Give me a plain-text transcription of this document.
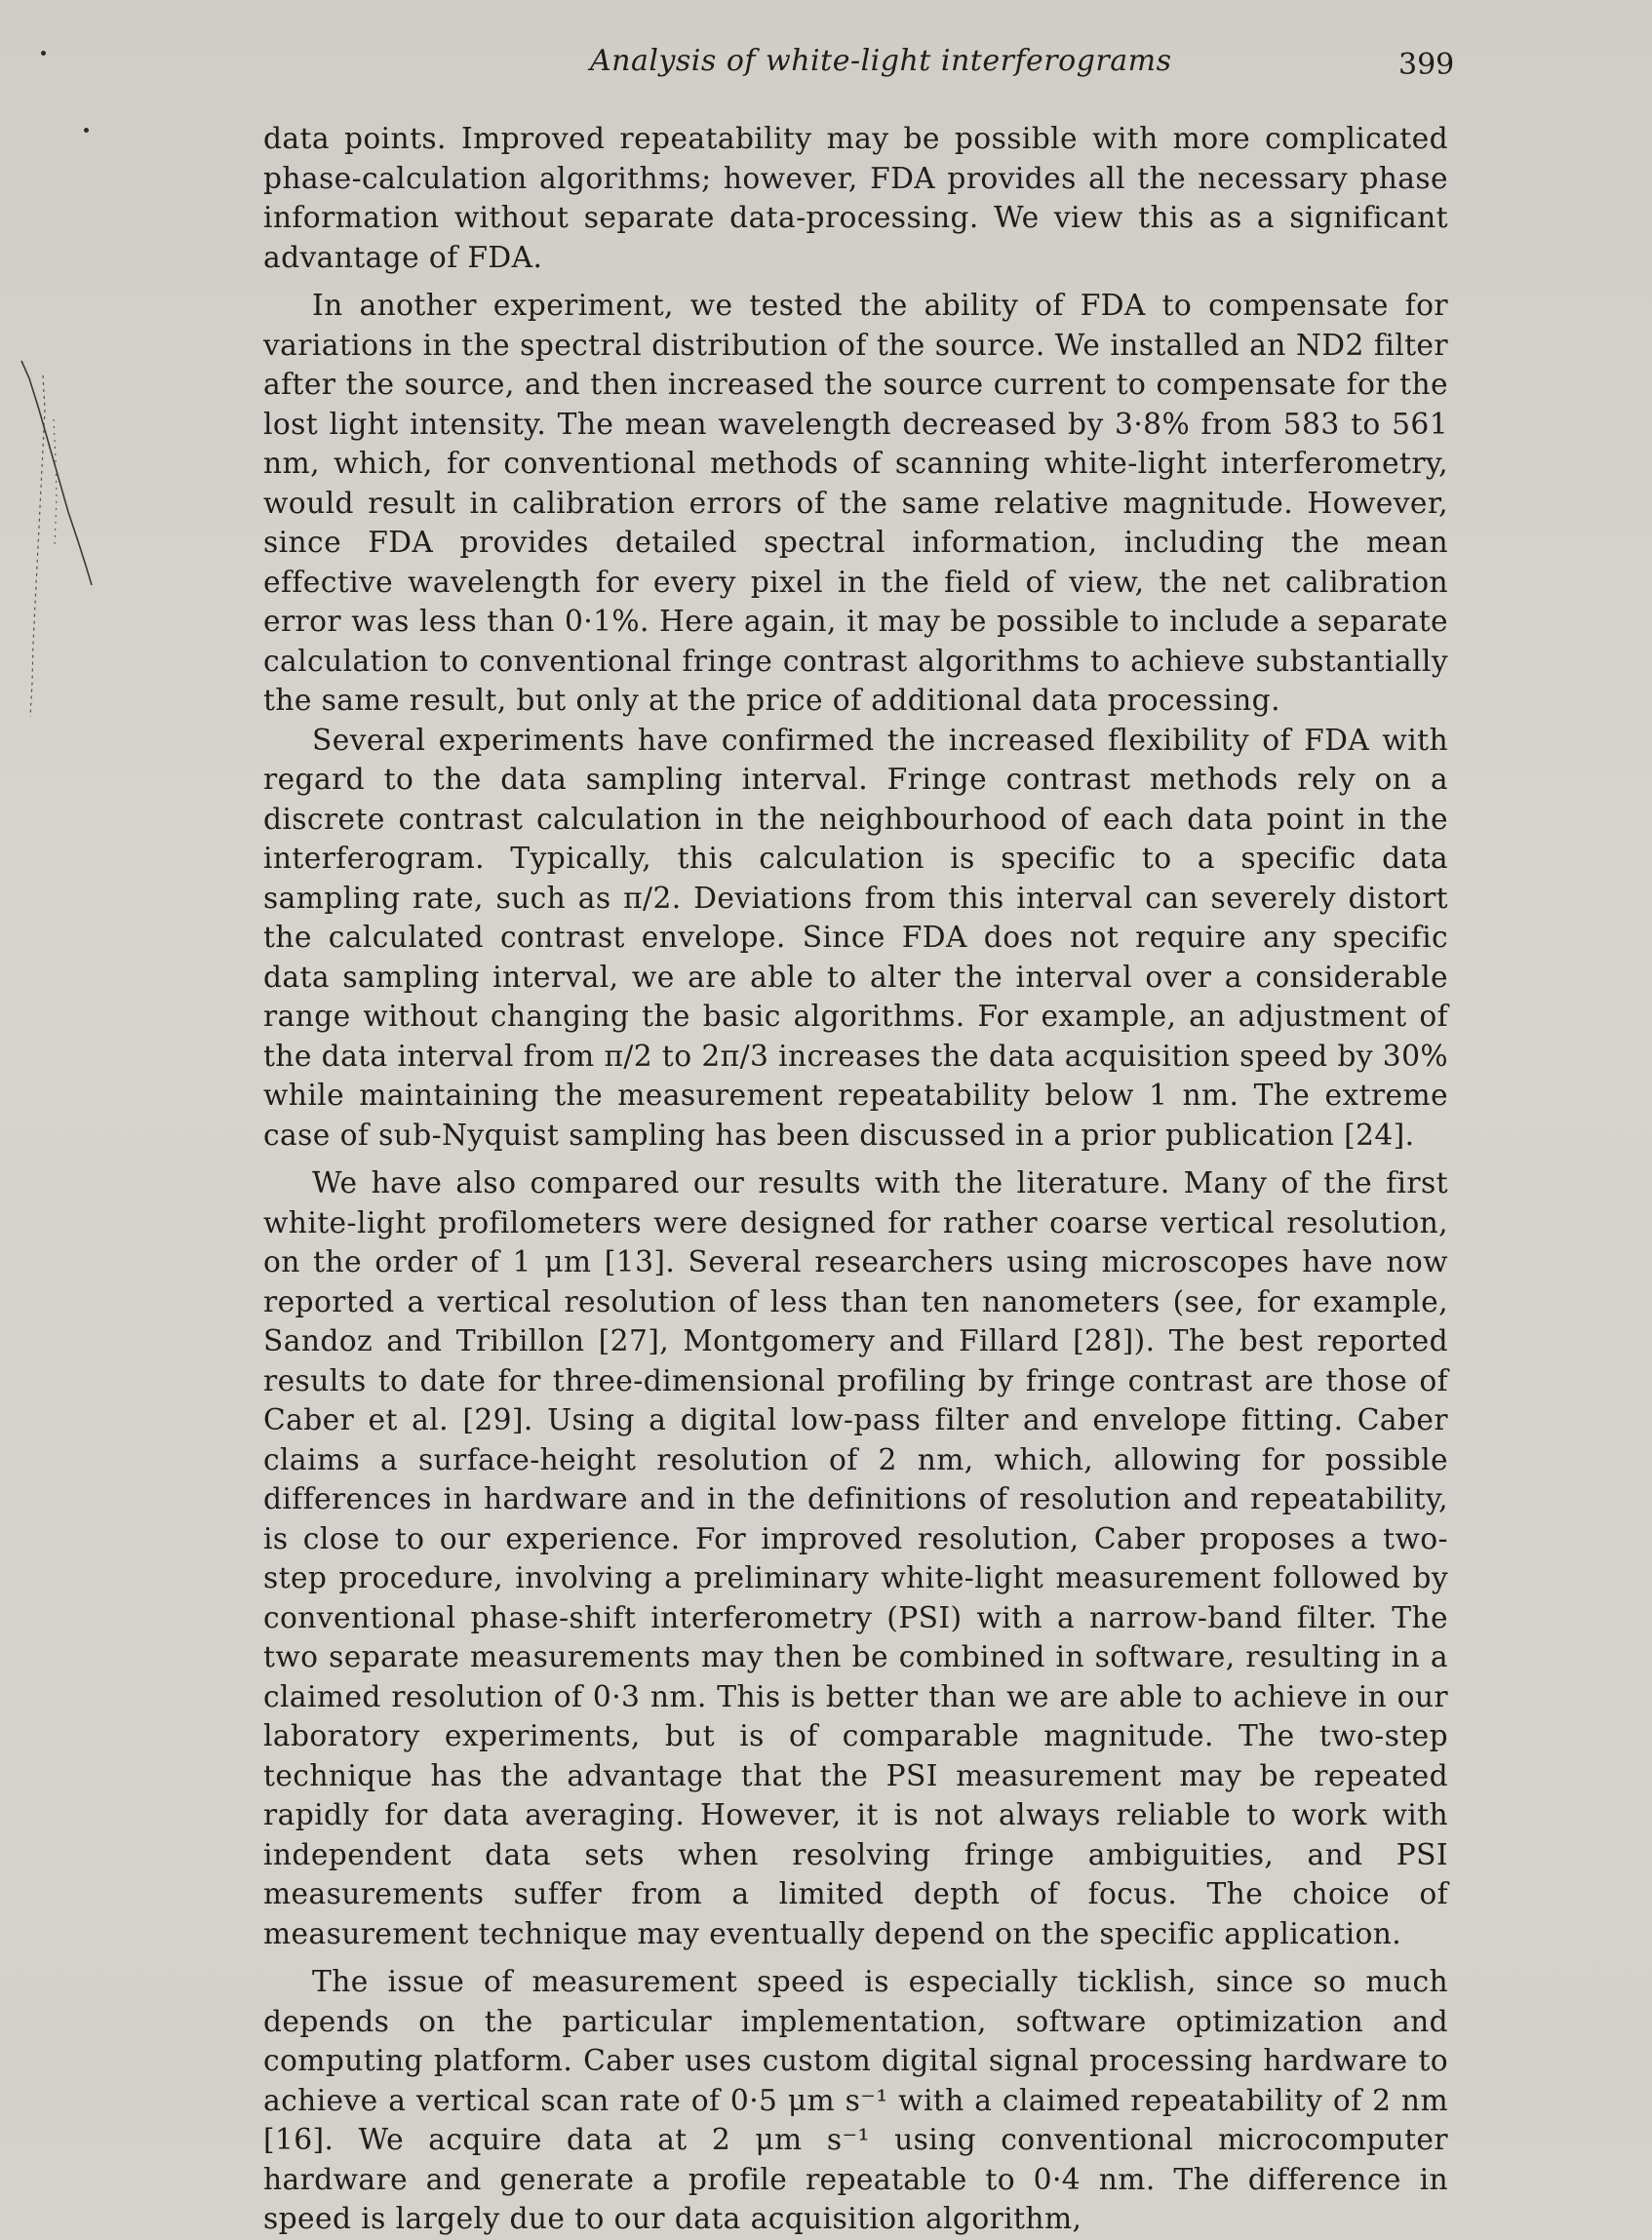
Analysis of white-light interferograms	399

data points. Improved repeatability may be possible with more complicated phase-calculation algorithms; however, FDA provides all the necessary phase information without separate data-processing. We view this as a significant advantage of FDA.

In another experiment, we tested the ability of FDA to compensate for variations in the spectral distribution of the source. We installed an ND2 filter after the source, and then increased the source current to compensate for the lost light intensity. The mean wavelength decreased by 3·8% from 583 to 561 nm, which, for conventional methods of scanning white-light interferometry, would result in calibration errors of the same relative magnitude. However, since FDA provides detailed spectral information, including the mean effective wavelength for every pixel in the field of view, the net calibration error was less than 0·1%. Here again, it may be possible to include a separate calculation to conventional fringe contrast algorithms to achieve substantially the same result, but only at the price of additional data processing.

Several experiments have confirmed the increased flexibility of FDA with regard to the data sampling interval. Fringe contrast methods rely on a discrete contrast calculation in the neighbourhood of each data point in the interferogram. Typically, this calculation is specific to a specific data sampling rate, such as π/2. Deviations from this interval can severely distort the calculated contrast envelope. Since FDA does not require any specific data sampling interval, we are able to alter the interval over a considerable range without changing the basic algorithms. For example, an adjustment of the data interval from π/2 to 2π/3 increases the data acquisition speed by 30% while maintaining the measurement repeatability below 1 nm. The extreme case of sub-Nyquist sampling has been discussed in a prior publication [24].

We have also compared our results with the literature. Many of the first white-light profilometers were designed for rather coarse vertical resolution, on the order of 1 μm [13]. Several researchers using microscopes have now reported a vertical resolution of less than ten nanometers (see, for example, Sandoz and Tribillon [27], Montgomery and Fillard [28]). The best reported results to date for three-dimensional profiling by fringe contrast are those of Caber et al. [29]. Using a digital low-pass filter and envelope fitting. Caber claims a surface-height resolution of 2 nm, which, allowing for possible differences in hardware and in the definitions of resolution and repeatability, is close to our experience. For improved resolution, Caber proposes a two-step procedure, involving a preliminary white-light measurement followed by conventional phase-shift interferometry (PSI) with a narrow-band filter. The two separate measurements may then be combined in software, resulting in a claimed resolution of 0·3 nm. This is better than we are able to achieve in our laboratory experiments, but is of comparable magnitude. The two-step technique has the advantage that the PSI measurement may be repeated rapidly for data averaging. However, it is not always reliable to work with independent data sets when resolving fringe ambiguities, and PSI measurements suffer from a limited depth of focus. The choice of measurement technique may eventually depend on the specific application.

The issue of measurement speed is especially ticklish, since so much depends on the particular implementation, software optimization and computing platform. Caber uses custom digital signal processing hardware to achieve a vertical scan rate of 0·5 μm s⁻¹ with a claimed repeatability of 2 nm [16]. We acquire data at 2 μm s⁻¹ using conventional microcomputer hardware and generate a profile repeatable to 0·4 nm. The difference in speed is largely due to our data acquisition algorithm,
